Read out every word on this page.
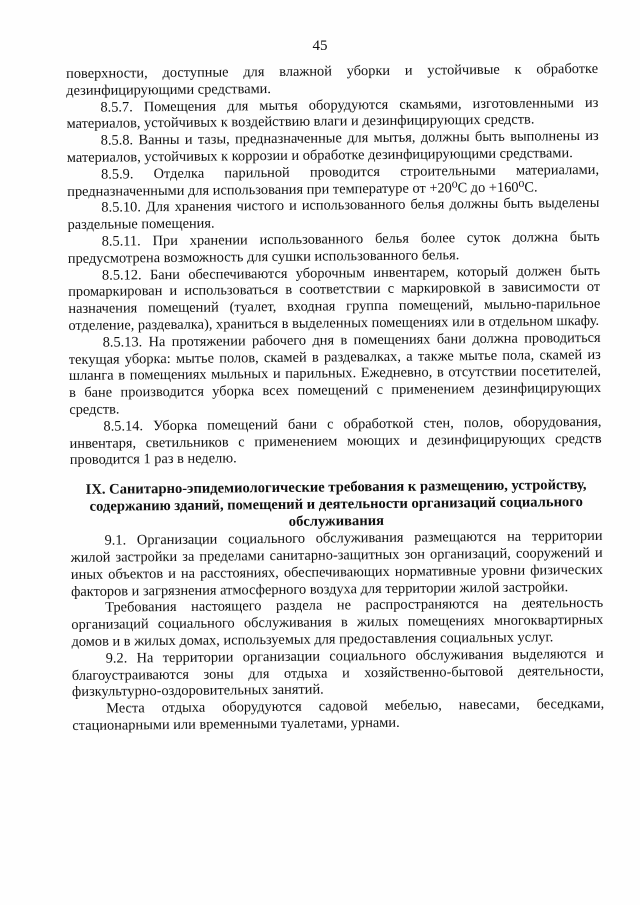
45

поверхности, доступные для влажной уборки и устойчивые к обработке дезинфицирующими средствами.

8.5.7. Помещения для мытья оборудуются скамьями, изготовленными из материалов, устойчивых к воздействию влаги и дезинфицирующих средств.

8.5.8. Ванны и тазы, предназначенные для мытья, должны быть выполнены из материалов, устойчивых к коррозии и обработке дезинфицирующими средствами.

8.5.9. Отделка парильной проводится строительными материалами, предназначенными для использования при температуре от +20⁰С до +160⁰С.

8.5.10. Для хранения чистого и использованного белья должны быть выделены раздельные помещения.

8.5.11. При хранении использованного белья более суток должна быть предусмотрена возможность для сушки использованного белья.

8.5.12. Бани обеспечиваются уборочным инвентарем, который должен быть промаркирован и использоваться в соответствии с маркировкой в зависимости от назначения помещений (туалет, входная группа помещений, мыльно-парильное отделение, раздевалка), храниться в выделенных помещениях или в отдельном шкафу.

8.5.13. На протяжении рабочего дня в помещениях бани должна проводиться текущая уборка: мытье полов, скамей в раздевалках, а также мытье пола, скамей из шланга в помещениях мыльных и парильных. Ежедневно, в отсутствии посетителей, в бане производится уборка всех помещений с применением дезинфицирующих средств.

8.5.14. Уборка помещений бани с обработкой стен, полов, оборудования, инвентаря, светильников с применением моющих и дезинфицирующих средств проводится 1 раз в неделю.

IX. Санитарно-эпидемиологические требования к размещению, устройству, содержанию зданий, помещений и деятельности организаций социального обслуживания

9.1. Организации социального обслуживания размещаются на территории жилой застройки за пределами санитарно-защитных зон организаций, сооружений и иных объектов и на расстояниях, обеспечивающих нормативные уровни физических факторов и загрязнения атмосферного воздуха для территории жилой застройки.

Требования настоящего раздела не распространяются на деятельность организаций социального обслуживания в жилых помещениях многоквартирных домов и в жилых домах, используемых для предоставления социальных услуг.

9.2. На территории организации социального обслуживания выделяются и благоустраиваются зоны для отдыха и хозяйственно-бытовой деятельности, физкультурно-оздоровительных занятий.

Места отдыха оборудуются садовой мебелью, навесами, беседками, стационарными или временными туалетами, урнами.
